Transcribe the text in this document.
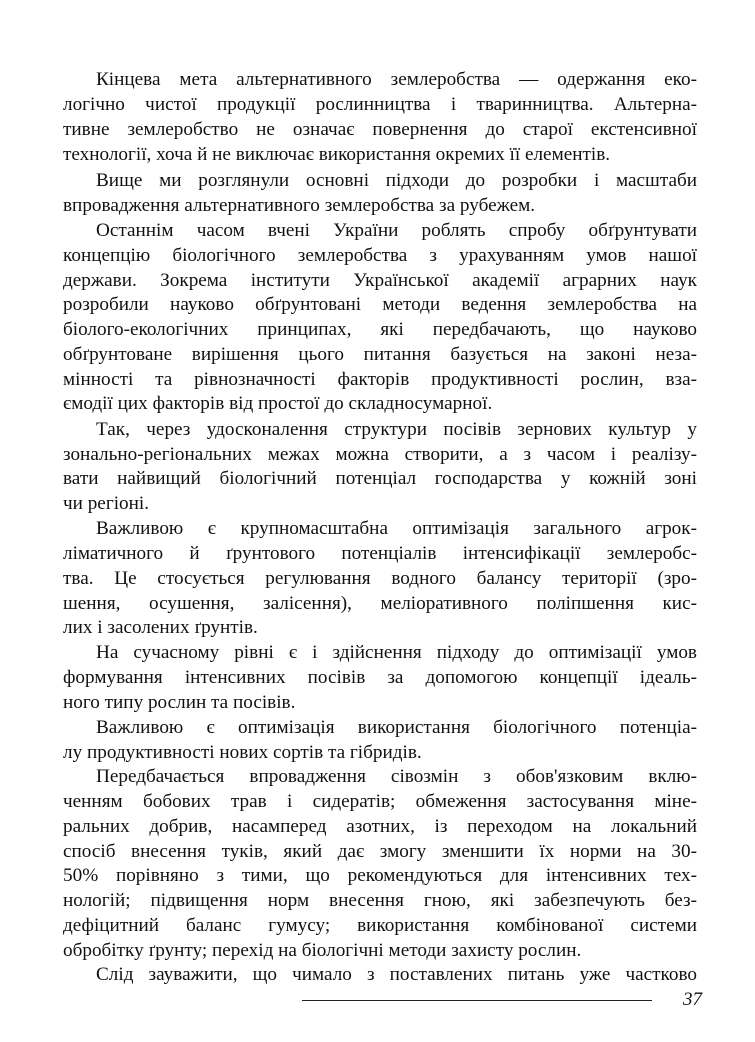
Кінцева мета альтернативного землеробства — одержання еко-
логічно чистої продукції рослинництва і тваринництва. Альтерна-
тивне землеробство не означає повернення до старої екстенсивної
технології, хоча й не виключає використання окремих її елементів.
Вище ми розглянули основні підходи до розробки і масштаби
впровадження альтернативного землеробства за рубежем.
Останнім часом вчені України роблять спробу обґрунтувати
концепцію біологічного землеробства з урахуванням умов нашої
держави. Зокрема інститути Української академії аграрних наук
розробили науково обґрунтовані методи ведення землеробства на
біолого-екологічних принципах, які передбачають, що науково
обґрунтоване вирішення цього питання базується на законі неза-
мінності та рівнозначності факторів продуктивності рослин, вза-
ємодії цих факторів від простої до складносумарної.
Так, через удосконалення структури посівів зернових культур у
зонально-регіональних межах можна створити, а з часом і реалізу-
вати найвищий біологічний потенціал господарства у кожній зоні
чи регіоні.
Важливою є крупномасштабна оптимізація загального агрок-
ліматичного й ґрунтового потенціалів інтенсифікації землеробс-
тва. Це стосується регулювання водного балансу території (зро-
шення, осушення, залісення), меліоративного поліпшення кис-
лих і засолених ґрунтів.
На сучасному рівні є і здійснення підходу до оптимізації умов
формування інтенсивних посівів за допомогою концепції ідеаль-
ного типу рослин та посівів.
Важливою є оптимізація використання біологічного потенціа-
лу продуктивності нових сортів та гібридів.
Передбачається впровадження сівозмін з обов'язковим вклю-
ченням бобових трав і сидератів; обмеження застосування міне-
ральних добрив, насамперед азотних, із переходом на локальний
спосіб внесення туків, який дає змогу зменшити їх норми на 30-
50% порівняно з тими, що рекомендуються для інтенсивних тех-
нологій; підвищення норм внесення гною, які забезпечують без-
дефіцитний баланс гумусу; використання комбінованої системи
обробітку ґрунту; перехід на біологічні методи захисту рослин.
Слід зауважити, що чимало з поставлених питань уже частково
37
